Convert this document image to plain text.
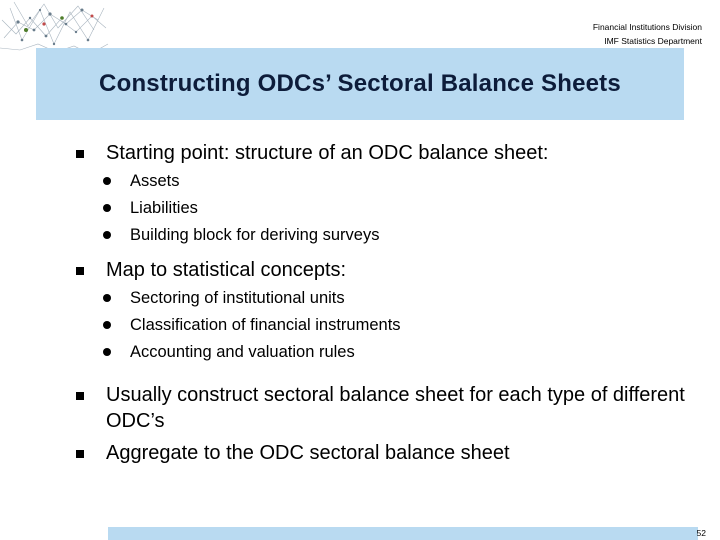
Financial Institutions Division
IMF Statistics Department
Constructing ODCs’ Sectoral Balance Sheets
Starting point: structure of an ODC balance sheet:
Assets
Liabilities
Building block for deriving surveys
Map to statistical concepts:
Sectoring of institutional units
Classification of financial instruments
Accounting and valuation rules
Usually construct sectoral balance sheet for each type of different ODC’s
Aggregate to the ODC sectoral balance sheet
52
